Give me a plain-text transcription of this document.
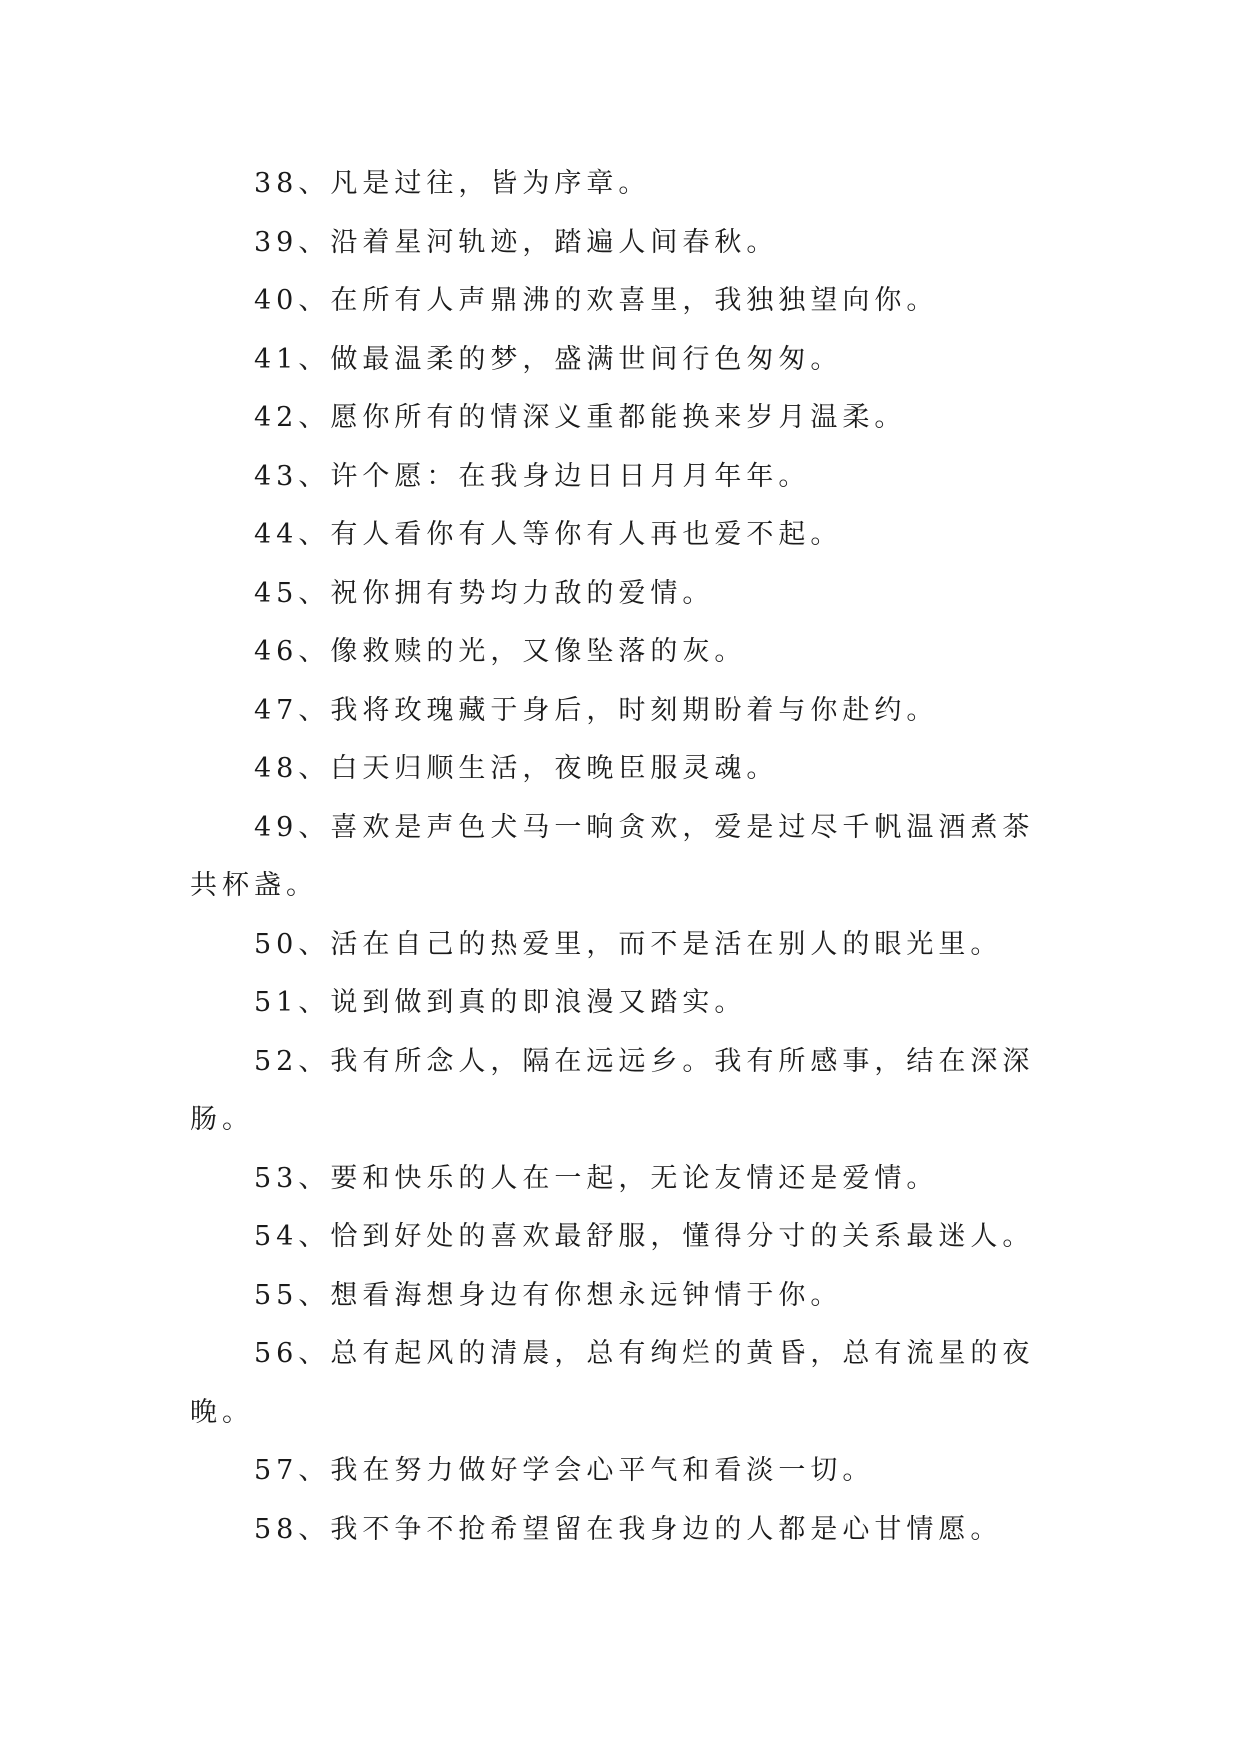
38、凡是过往，皆为序章。

39、沿着星河轨迹，踏遍人间春秋。

40、在所有人声鼎沸的欢喜里，我独独望向你。

41、做最温柔的梦，盛满世间行色匆匆。

42、愿你所有的情深义重都能换来岁月温柔。

43、许个愿：在我身边日日月月年年。

44、有人看你有人等你有人再也爱不起。

45、祝你拥有势均力敌的爱情。

46、像救赎的光，又像坠落的灰。

47、我将玫瑰藏于身后，时刻期盼着与你赴约。

48、白天归顺生活，夜晚臣服灵魂。

49、喜欢是声色犬马一晌贪欢，爱是过尽千帆温酒煮茶共杯盏。

50、活在自己的热爱里，而不是活在别人的眼光里。

51、说到做到真的即浪漫又踏实。

52、我有所念人，隔在远远乡。我有所感事，结在深深肠。

53、要和快乐的人在一起，无论友情还是爱情。

54、恰到好处的喜欢最舒服，懂得分寸的关系最迷人。

55、想看海想身边有你想永远钟情于你。

56、总有起风的清晨，总有绚烂的黄昏，总有流星的夜晚。

57、我在努力做好学会心平气和看淡一切。

58、我不争不抢希望留在我身边的人都是心甘情愿。
